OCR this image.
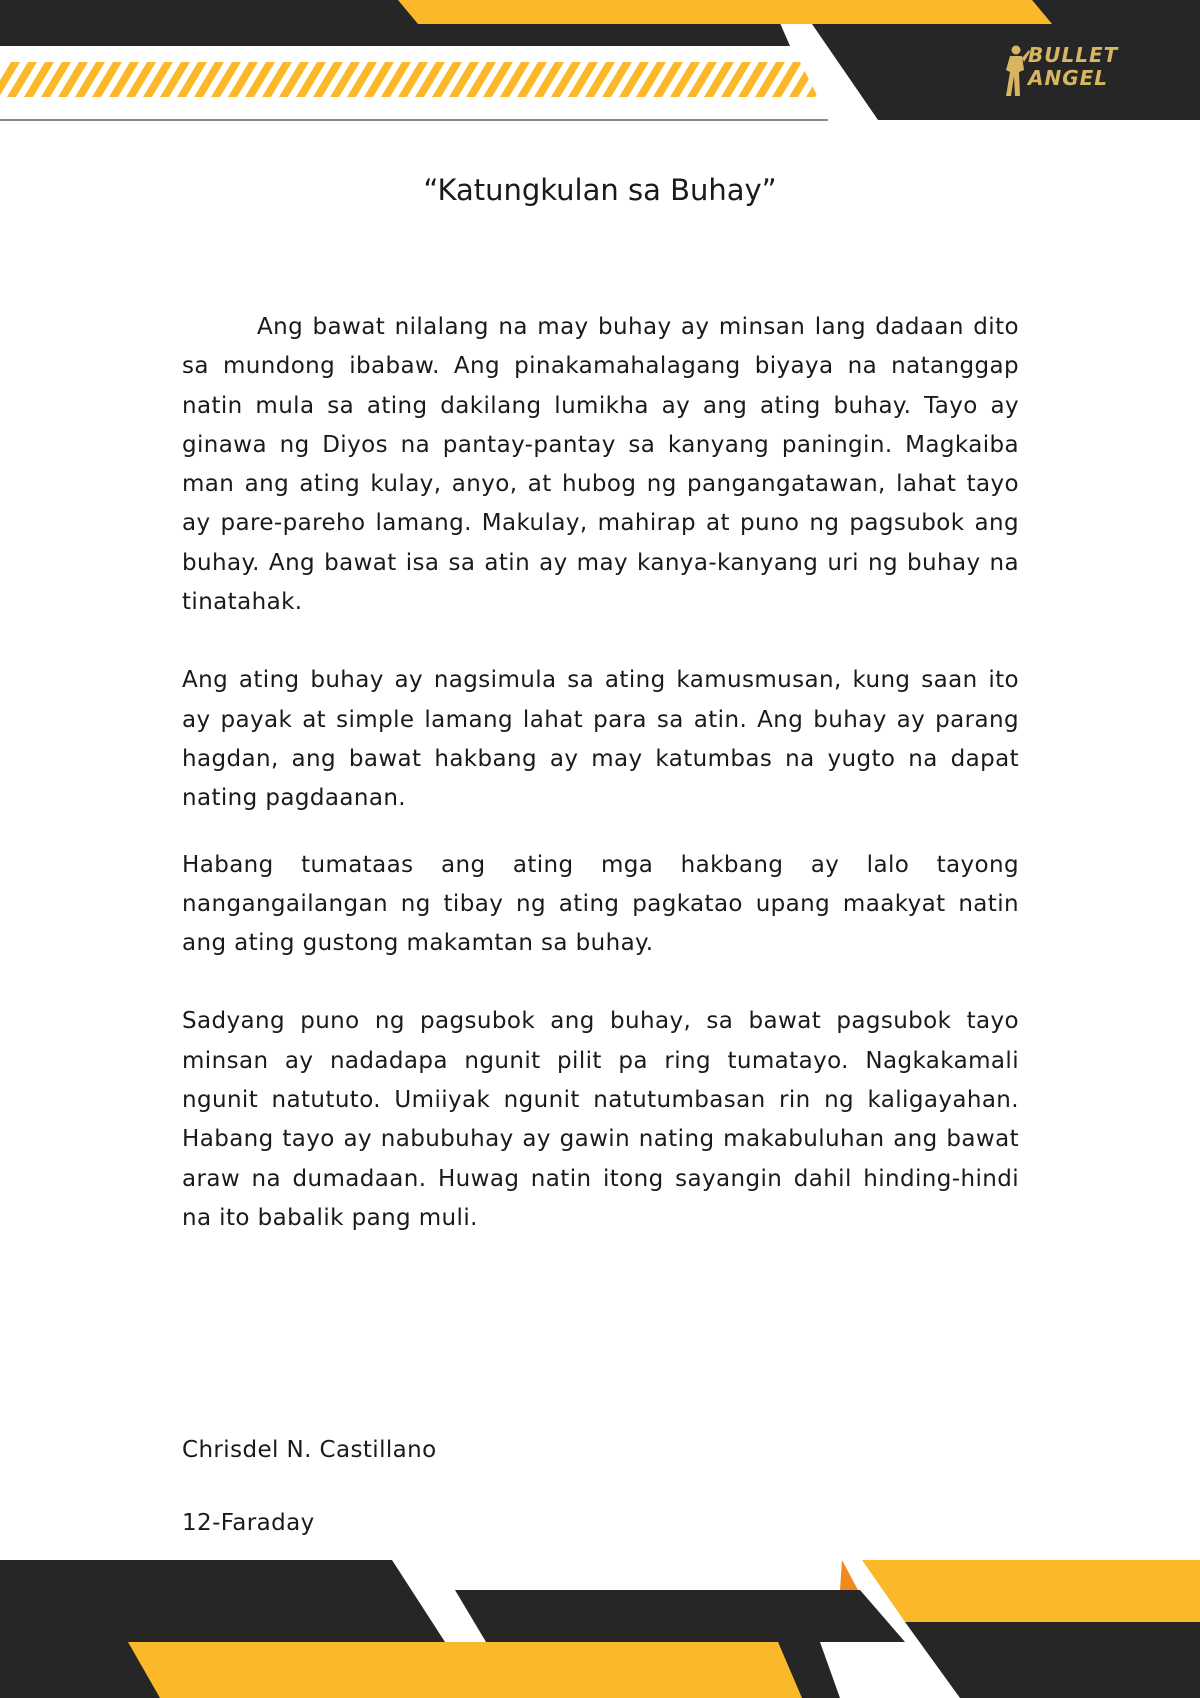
BULLET
ANGEL
“Katungkulan sa Buhay”

Ang bawat nilalang na may buhay ay minsan lang dadaan dito sa mundong ibabaw. Ang pinakamahalagang biyaya na natanggap natin mula sa ating dakilang lumikha ay ang ating buhay. Tayo ay ginawa ng Diyos na pantay-pantay sa kanyang paningin. Magkaiba man ang ating kulay, anyo, at hubog ng pangangatawan, lahat tayo ay pare-pareho lamang. Makulay, mahirap at puno ng pagsubok ang buhay. Ang bawat isa sa atin ay may kanya-kanyang uri ng buhay na tinatahak.

Ang ating buhay ay nagsimula sa ating kamusmusan, kung saan ito ay payak at simple lamang lahat para sa atin. Ang buhay ay parang hagdan, ang bawat hakbang ay may katumbas na yugto na dapat nating pagdaanan.

Habang tumataas ang ating mga hakbang ay lalo tayong nangangailangan ng tibay ng ating pagkatao upang maakyat natin ang ating gustong makamtan sa buhay.

Sadyang puno ng pagsubok ang buhay, sa bawat pagsubok tayo minsan ay nadadapa ngunit pilit pa ring tumatayo. Nagkakamali ngunit natututo. Umiiyak ngunit natutumbasan rin ng kaligayahan. Habang tayo ay nabubuhay ay gawin nating makabuluhan ang bawat araw na dumadaan. Huwag natin itong sayangin dahil hinding-hindi na ito babalik pang muli.

Chrisdel N. Castillano
12-Faraday
